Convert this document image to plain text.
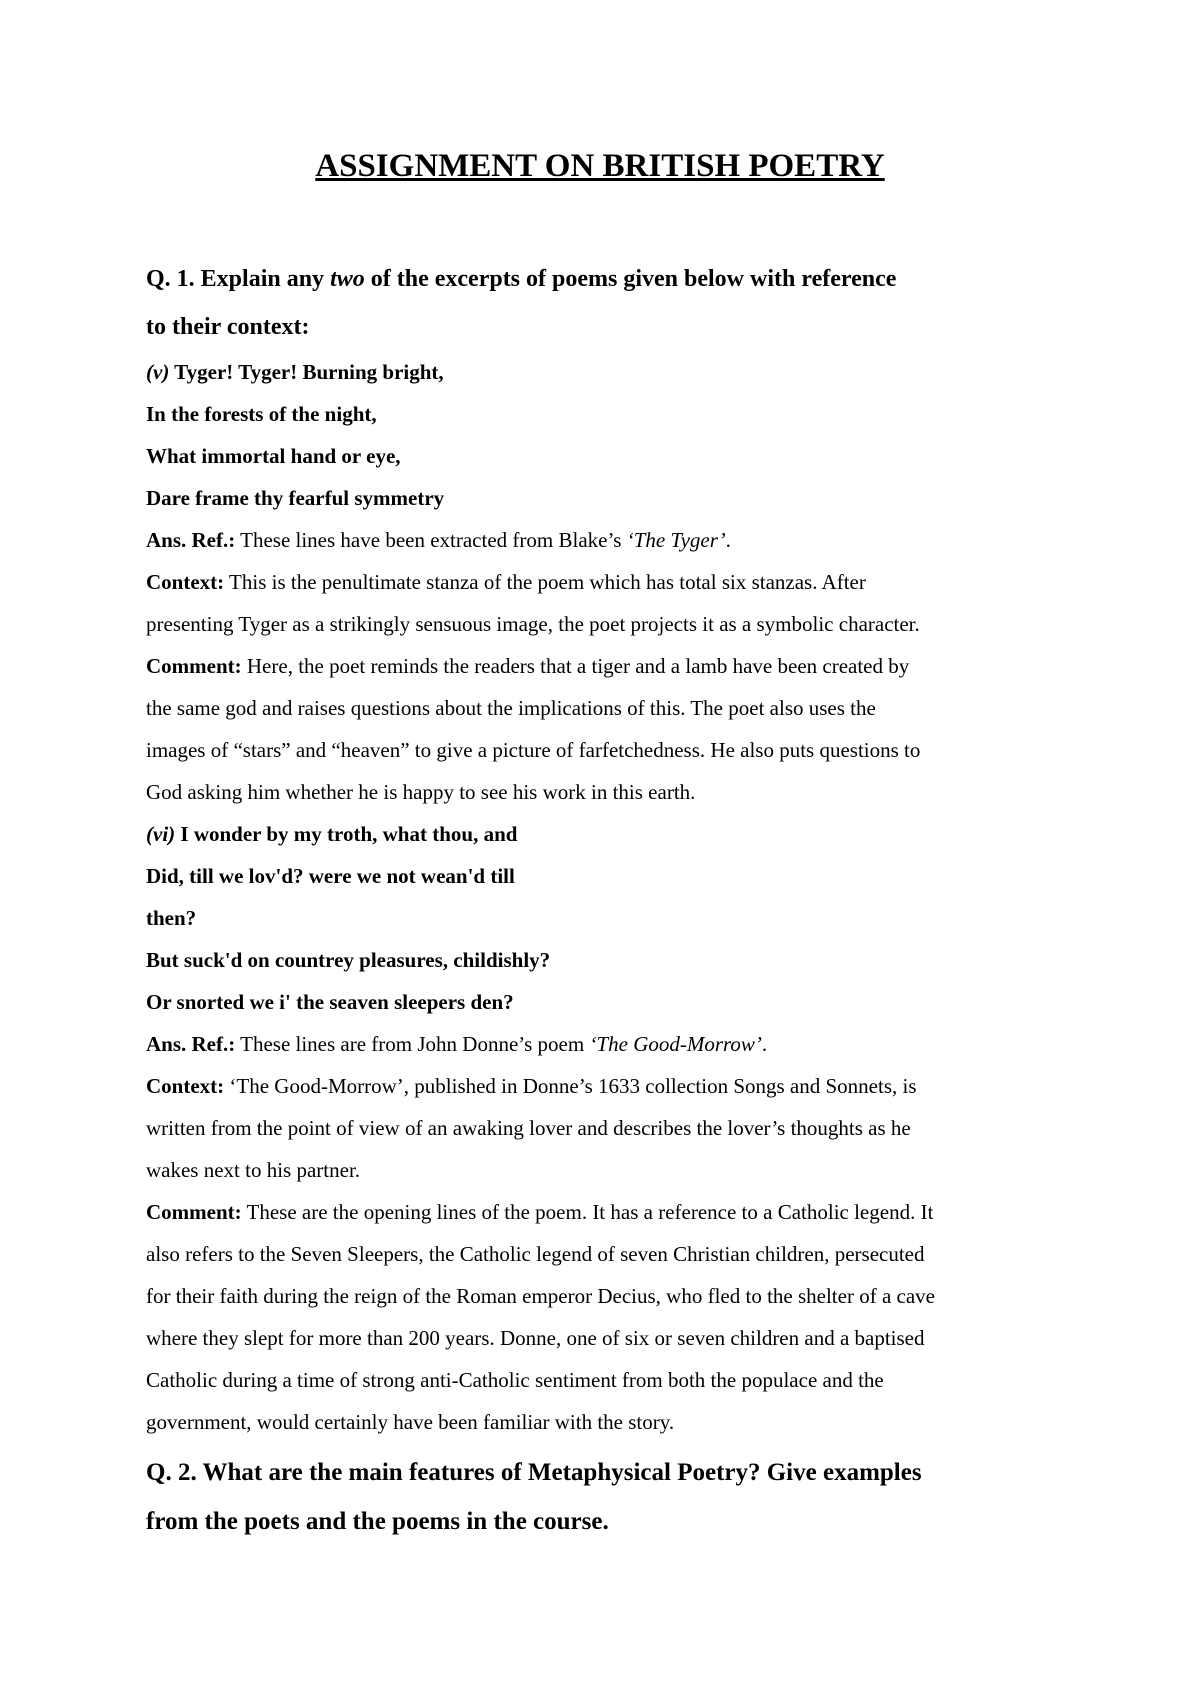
ASSIGNMENT ON BRITISH POETRY

Q. 1. Explain any two of the excerpts of poems given below with reference

to their context:

(v) Tyger! Tyger! Burning bright,

In the forests of the night,

What immortal hand or eye,

Dare frame thy fearful symmetry

Ans. Ref.: These lines have been extracted from Blake’s ‘The Tyger’.

Context: This is the penultimate stanza of the poem which has total six stanzas. After

presenting Tyger as a strikingly sensuous image, the poet projects it as a symbolic character.

Comment: Here, the poet reminds the readers that a tiger and a lamb have been created by

the same god and raises questions about the implications of this. The poet also uses the

images of “stars” and “heaven” to give a picture of farfetchedness. He also puts questions to

God asking him whether he is happy to see his work in this earth.

(vi) I wonder by my troth, what thou, and

Did, till we lov'd? were we not wean'd till

then?

But suck'd on countrey pleasures, childishly?

Or snorted we i' the seaven sleepers den?

Ans. Ref.: These lines are from John Donne’s poem ‘The Good-Morrow’.

Context: ‘The Good-Morrow’, published in Donne’s 1633 collection Songs and Sonnets, is

written from the point of view of an awaking lover and describes the lover’s thoughts as he

wakes next to his partner.

Comment: These are the opening lines of the poem. It has a reference to a Catholic legend. It

also refers to the Seven Sleepers, the Catholic legend of seven Christian children, persecuted

for their faith during the reign of the Roman emperor Decius, who fled to the shelter of a cave

where they slept for more than 200 years. Donne, one of six or seven children and a baptised

Catholic during a time of strong anti-Catholic sentiment from both the populace and the

government, would certainly have been familiar with the story.

Q. 2. What are the main features of Metaphysical Poetry? Give examples

from the poets and the poems in the course.
